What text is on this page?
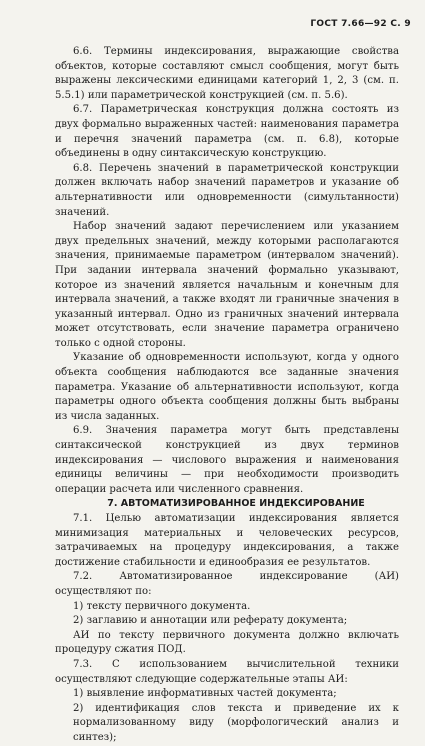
ГОСТ 7.66—92 С. 9

6.6. Термины индексирования, выражающие свойства объектов, которые составляют смысл сообщения, могут быть выражены лексическими единицами категорий 1, 2, 3 (см. п. 5.5.1) или параметрической конструкцией (см. п. 5.6).

6.7. Параметрическая конструкция должна состоять из двух формально выраженных частей: наименования параметра и перечня значений параметра (см. п. 6.8), которые объединены в одну синтаксическую конструкцию.

6.8. Перечень значений в параметрической конструкции должен включать набор значений параметров и указание об альтернативности или одновременности (симультанности) значений.

Набор значений задают перечислением или указанием двух предельных значений, между которыми располагаются значения, принимаемые параметром (интервалом значений). При задании интервала значений формально указывают, которое из значений является начальным и конечным для интервала значений, а также входят ли граничные значения в указанный интервал. Одно из граничных значений интервала может отсутствовать, если значение параметра ограничено только с одной стороны.

Указание об одновременности используют, когда у одного объекта сообщения наблюдаются все заданные значения параметра. Указание об альтернативности используют, когда параметры одного объекта сообщения должны быть выбраны из числа заданных.

6.9. Значения параметра могут быть представлены синтаксической конструкцией из двух терминов индексирования — числового выражения и наименования единицы величины — при необходимости производить операции расчета или численного сравнения.

7. АВТОМАТИЗИРОВАННОЕ ИНДЕКСИРОВАНИЕ

7.1. Целью автоматизации индексирования является минимизация материальных и человеческих ресурсов, затрачиваемых на процедуру индексирования, а также достижение стабильности и единообразия ее результатов.

7.2. Автоматизированное индексирование (АИ) осуществляют по:

1) тексту первичного документа.

2) заглавию и аннотации или реферату документа;

АИ по тексту первичного документа должно включать процедуру сжатия ПОД.

7.3. С использованием вычислительной техники осуществляют следующие содержательные этапы АИ:

1) выявление информативных частей документа;

2) идентификация слов текста и приведение их к нормализованному виду (морфологический анализ и синтез);
